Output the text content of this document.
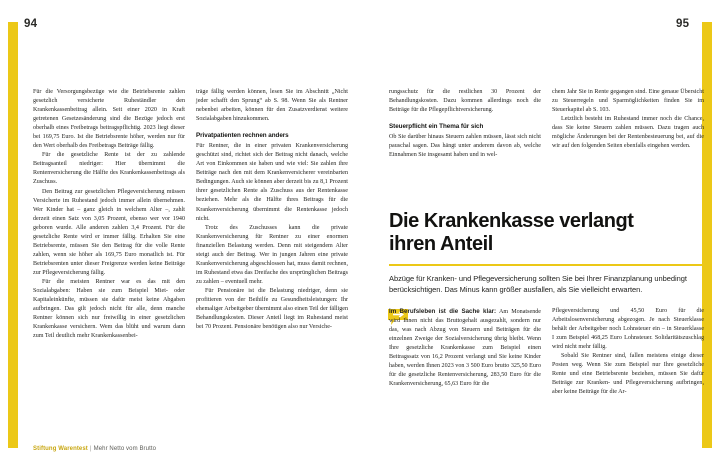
94	95

Für die Versorgungsbezüge wie die Betriebsrente zahlen gesetzlich versicherte Ruheständler den Krankenkassenbeitrag allein. Seit einer 2020 in Kraft getretenen Gesetzesänderung sind die Bezüge jedoch erst oberhalb eines Freibetrags beitragspflichtig. 2023 liegt dieser bei 169,75 Euro. Ist die Betriebsrente höher, werden nur für den Wert oberhalb des Freibetrags Beiträge fällig.

Für die gesetzliche Rente ist der zu zahlende Beitragsanteil niedriger: Hier übernimmt die Rentenversicherung die Hälfte des Krankenkassenbeitrags als Zuschuss.

Den Beitrag zur gesetzlichen Pflegeversicherung müssen Versicherte im Ruhestand jedoch immer allein übernehmen. Wer Kinder hat – ganz gleich in welchem Alter –, zahlt derzeit einen Satz von 3,05 Prozent, ebenso wer vor 1940 geboren wurde. Alle anderen zahlen 3,4 Prozent. Für die gesetzliche Rente wird er immer fällig. Erhalten Sie eine Betriebsrente, müssen Sie den Beitrag für die volle Rente zahlen, wenn sie höher als 169,75 Euro monatlich ist. Für Betriebsrenten unter dieser Freigrenze werden keine Beiträge zur Pflegeversicherung fällig.

Für die meisten Rentner war es das mit den Sozialabgaben: Haben sie zum Beispiel Miet- oder Kapitaleinkünfte, müssen sie dafür meist keine Abgaben aufbringen. Das gilt jedoch nicht für alle, denn manche Rentner können sich nur freiwillig in einer gesetzlichen Krankenkasse versichern. Wem das blüht und warum dann zum Teil deutlich mehr Krankenkassenbei-

träge fällig werden können, lesen Sie im Abschnitt „Nicht jeder schafft den Sprung“ ab S. 98. Wenn Sie als Rentner nebenbei arbeiten, können für den Zusatzverdienst weitere Sozialabgaben hinzukommen.

Privatpatienten rechnen anders

Für Rentner, die in einer privaten Krankenversicherung geschützt sind, richtet sich der Beitrag nicht danach, welche Art von Einkommen sie haben und wie viel: Sie zahlen ihre Beiträge nach den mit dem Krankenversicherer vereinbarten Bedingungen. Auch sie können aber derzeit bis zu 8,1 Prozent ihrer gesetzlichen Rente als Zuschuss aus der Rentenkasse beziehen. Mehr als die Hälfte ihres Beitrags für die Krankenversicherung übernimmt die Rentenkasse jedoch nicht.

Trotz des Zuschusses kann die private Krankenversicherung für Rentner zu einer enormen finanziellen Belastung werden. Denn mit steigendem Alter steigt auch der Beitrag. Wer in jungen Jahren eine private Krankenversicherung abgeschlossen hat, muss damit rechnen, im Ruhestand etwa das Dreifache des ursprünglichen Beitrags zu zahlen – eventuell mehr.

Für Pensionäre ist die Belastung niedriger, denn sie profitieren von der Beihilfe zu Gesundheitsleistungen: Ihr ehemaliger Arbeitgeber übernimmt also einen Teil der fälligen Behandlungskosten. Dieser Anteil liegt im Ruhestand meist bei 70 Prozent. Pensionäre benötigen also nur Versiche-

rungsschutz für die restlichen 30 Prozent der Behandlungskosten. Dazu kommen allerdings noch die Beiträge für die Pflegepflichtversicherung.

Steuerpflicht ein Thema für sich

Ob Sie darüber hinaus Steuern zahlen müssen, lässt sich nicht pauschal sagen. Das hängt unter anderem davon ab, welche Einnahmen Sie insgesamt haben und in wel-

chem Jahr Sie in Rente gegangen sind. Eine genaue Übersicht zu Steuerregeln und Sparmöglichkeiten finden Sie im Steuerkapitel ab S. 103.

Letztlich besteht im Ruhestand immer noch die Chance, dass Sie keine Steuern zahlen müssen. Dazu tragen auch mögliche Änderungen bei der Rentenbesteuerung bei, auf die wir auf den folgenden Seiten ebenfalls eingehen werden.

Die Krankenkasse verlangt
ihren Anteil
Abzüge für Kranken- und Pflegeversicherung sollten Sie bei Ihrer Finanzplanung unbedingt berücksichtigen. Das Minus kann größer ausfallen, als Sie vielleicht erwarten.

Im Berufsleben ist die Sache klar: Am Monatsende wird Ihnen nicht das Bruttogehalt ausgezahlt, sondern nur das, was nach Abzug von Steuern und Beiträgen für die einzelnen Zweige der Sozialversicherung übrig bleibt. Wenn Ihre gesetzliche Krankenkasse zum Beispiel einen Beitragssatz von 16,2 Prozent verlangt und Sie keine Kinder haben, werden Ihnen 2023 von 3 500 Euro brutto 325,50 Euro für die gesetzliche Rentenversicherung, 283,50 Euro für die Krankenversicherung, 65,63 Euro für die

Pflegeversicherung und 45,50 Euro für die Arbeitslosenversicherung abgezogen. Je nach Steuerklasse behält der Arbeitgeber noch Lohnsteuer ein – in Steuerklasse I zum Beispiel 468,25 Euro Lohnsteuer. Solidaritätszuschlag wird nicht mehr fällig.

Sobald Sie Rentner sind, fallen meistens einige dieser Posten weg. Wenn Sie zum Beispiel nur Ihre gesetzliche Rente und eine Betriebsrente beziehen, müssen Sie dafür Beiträge zur Kranken- und Pflegeversicherung aufbringen, aber keine Beiträge für die Ar-

Stiftung Warentest | Mehr Netto vom Brutto
